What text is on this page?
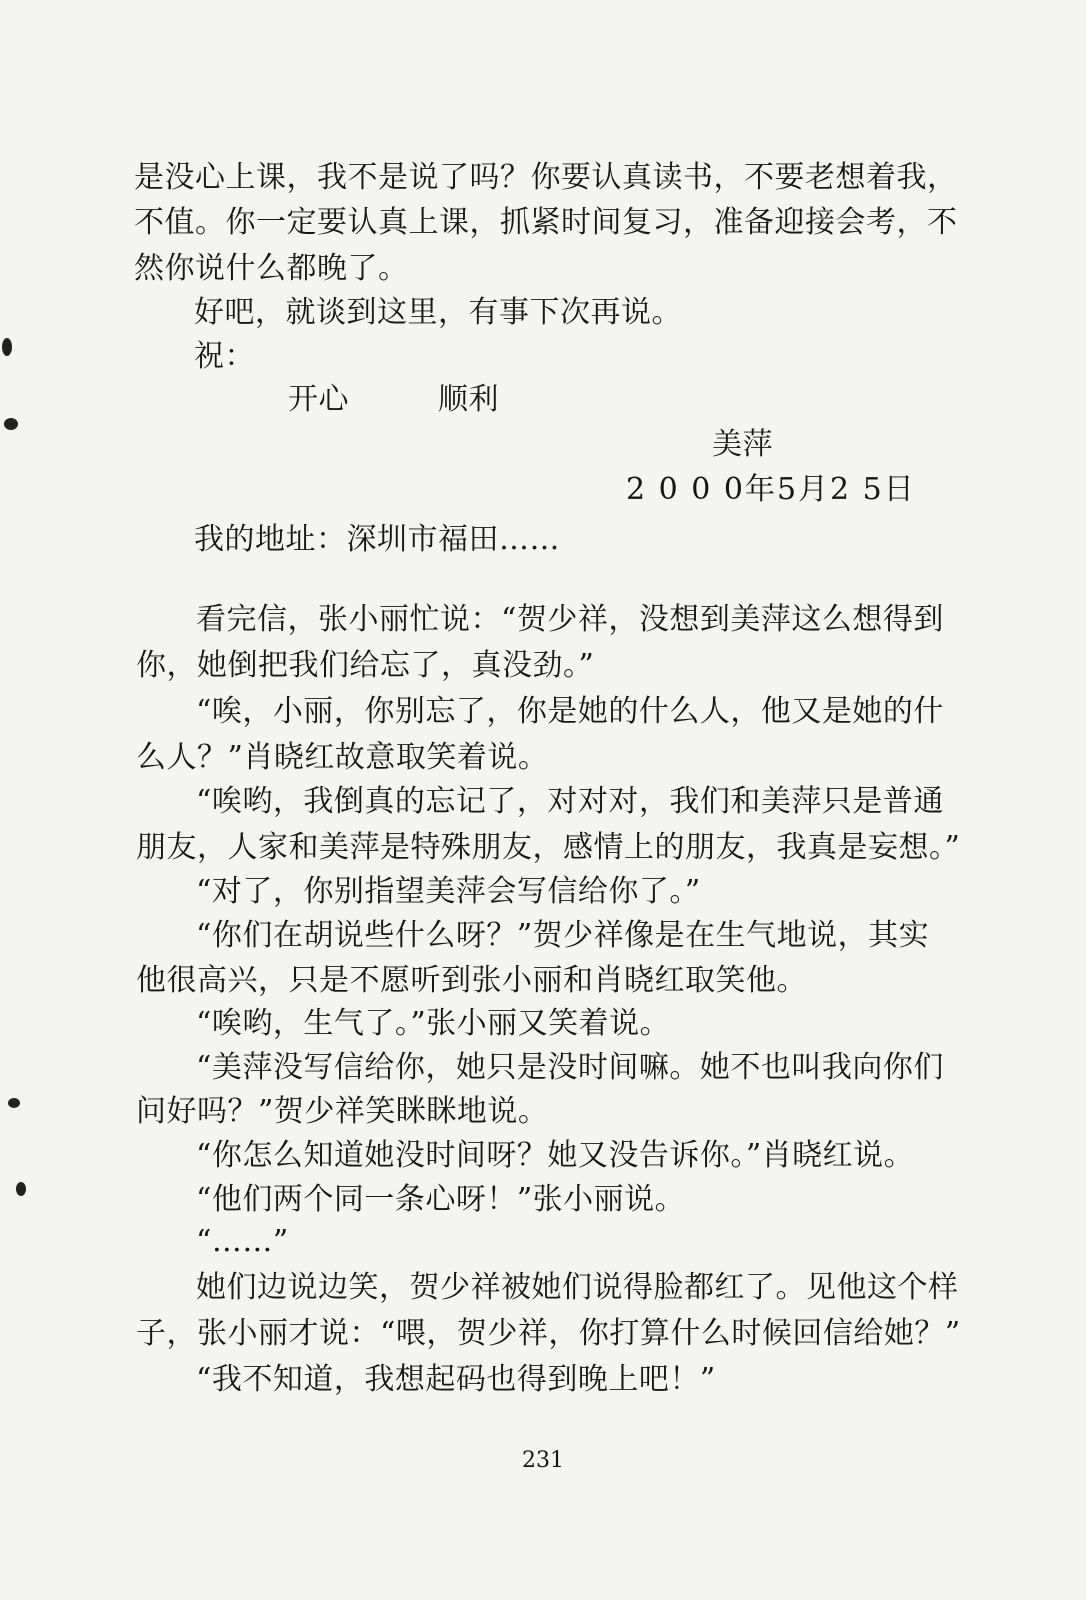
是没心上课，我不是说了吗？你要认真读书，不要老想着我，
不值。你一定要认真上课，抓紧时间复习，准备迎接会考，不
然你说什么都晚了。
好吧，就谈到这里，有事下次再说。
祝：
开心	顺利
美萍
2 0 0 0年5月2 5日
我的地址：深圳市福田……
看完信，张小丽忙说：“贺少祥，没想到美萍这么想得到
你，她倒把我们给忘了，真没劲。”
“唉，小丽，你别忘了，你是她的什么人，他又是她的什
么人？”肖晓红故意取笑着说。
“唉哟，我倒真的忘记了，对对对，我们和美萍只是普通
朋友，人家和美萍是特殊朋友，感情上的朋友，我真是妄想。”
“对了，你别指望美萍会写信给你了。”
“你们在胡说些什么呀？”贺少祥像是在生气地说，其实
他很高兴，只是不愿听到张小丽和肖晓红取笑他。
“唉哟，生气了。”张小丽又笑着说。
“美萍没写信给你，她只是没时间嘛。她不也叫我向你们
问好吗？”贺少祥笑眯眯地说。
“你怎么知道她没时间呀？她又没告诉你。”肖晓红说。
“他们两个同一条心呀！”张小丽说。
“……”
她们边说边笑，贺少祥被她们说得脸都红了。见他这个样
子，张小丽才说：“喂，贺少祥，你打算什么时候回信给她？”
“我不知道，我想起码也得到晚上吧！”
231
